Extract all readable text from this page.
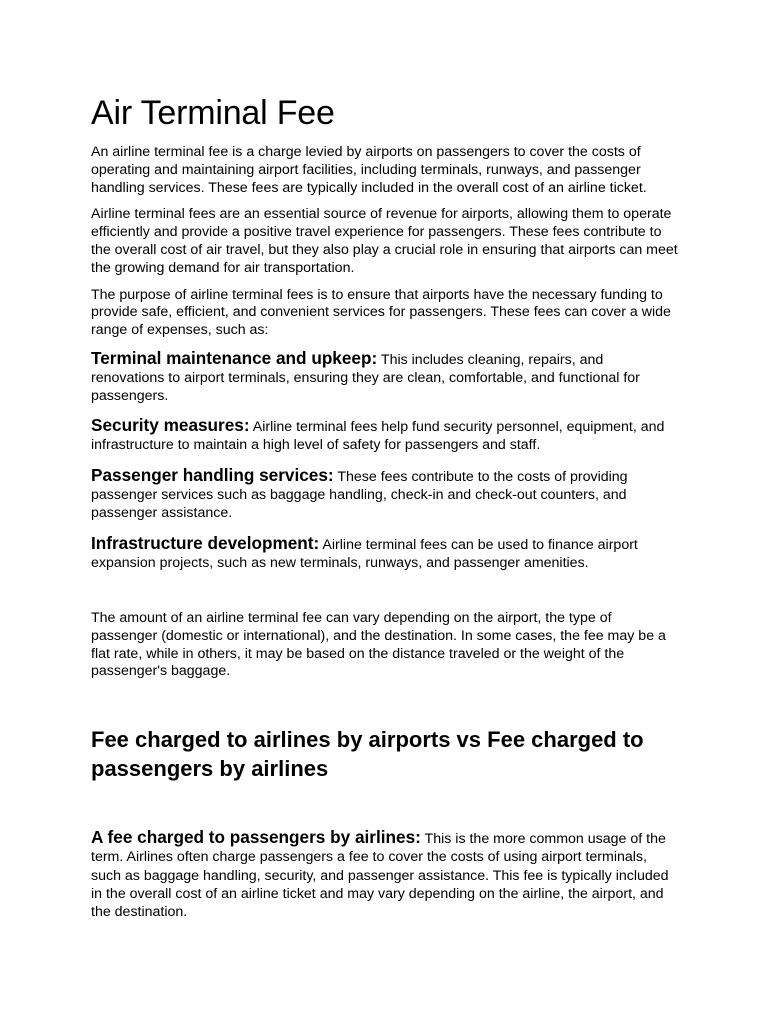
Air Terminal Fee

An airline terminal fee is a charge levied by airports on passengers to cover the costs of operating and maintaining airport facilities, including terminals, runways, and passenger handling services. These fees are typically included in the overall cost of an airline ticket.

Airline terminal fees are an essential source of revenue for airports, allowing them to operate efficiently and provide a positive travel experience for passengers. These fees contribute to the overall cost of air travel, but they also play a crucial role in ensuring that airports can meet the growing demand for air transportation.

The purpose of airline terminal fees is to ensure that airports have the necessary funding to provide safe, efficient, and convenient services for passengers. These fees can cover a wide range of expenses, such as:

Terminal maintenance and upkeep: This includes cleaning, repairs, and renovations to airport terminals, ensuring they are clean, comfortable, and functional for passengers.

Security measures: Airline terminal fees help fund security personnel, equipment, and infrastructure to maintain a high level of safety for passengers and staff.

Passenger handling services: These fees contribute to the costs of providing passenger services such as baggage handling, check-in and check-out counters, and passenger assistance.

Infrastructure development: Airline terminal fees can be used to finance airport expansion projects, such as new terminals, runways, and passenger amenities.

The amount of an airline terminal fee can vary depending on the airport, the type of passenger (domestic or international), and the destination. In some cases, the fee may be a flat rate, while in others, it may be based on the distance traveled or the weight of the passenger's baggage.

Fee charged to airlines by airports vs Fee charged to passengers by airlines

A fee charged to passengers by airlines: This is the more common usage of the term. Airlines often charge passengers a fee to cover the costs of using airport terminals, such as baggage handling, security, and passenger assistance. This fee is typically included in the overall cost of an airline ticket and may vary depending on the airline, the airport, and the destination.
